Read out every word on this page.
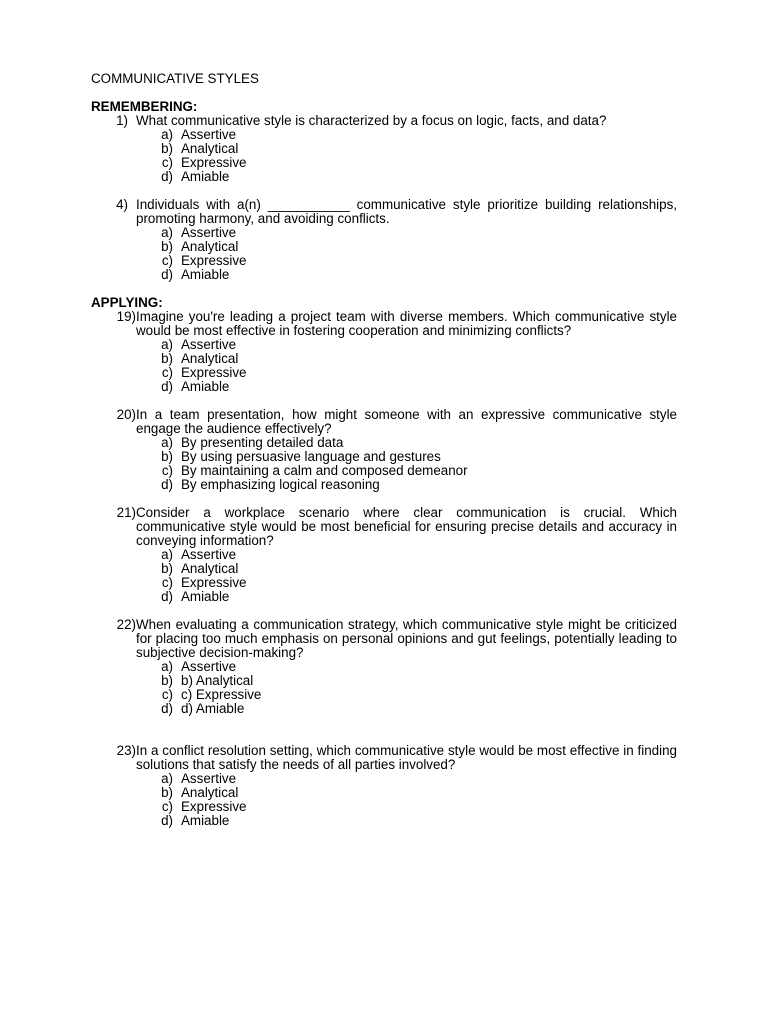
COMMUNICATIVE STYLES
REMEMBERING:
1) What communicative style is characterized by a focus on logic, facts, and data?
a) Assertive
b) Analytical
c) Expressive
d) Amiable
4) Individuals with a(n) ___________ communicative style prioritize building relationships, promoting harmony, and avoiding conflicts.
a) Assertive
b) Analytical
c) Expressive
d) Amiable
APPLYING:
19) Imagine you're leading a project team with diverse members. Which communicative style would be most effective in fostering cooperation and minimizing conflicts?
a) Assertive
b) Analytical
c) Expressive
d) Amiable
20) In a team presentation, how might someone with an expressive communicative style engage the audience effectively?
a) By presenting detailed data
b) By using persuasive language and gestures
c) By maintaining a calm and composed demeanor
d) By emphasizing logical reasoning
21) Consider a workplace scenario where clear communication is crucial. Which communicative style would be most beneficial for ensuring precise details and accuracy in conveying information?
a) Assertive
b) Analytical
c) Expressive
d) Amiable
22) When evaluating a communication strategy, which communicative style might be criticized for placing too much emphasis on personal opinions and gut feelings, potentially leading to subjective decision-making?
a) Assertive
b) b) Analytical
c) c) Expressive
d) d) Amiable
23) In a conflict resolution setting, which communicative style would be most effective in finding solutions that satisfy the needs of all parties involved?
a) Assertive
b) Analytical
c) Expressive
d) Amiable
